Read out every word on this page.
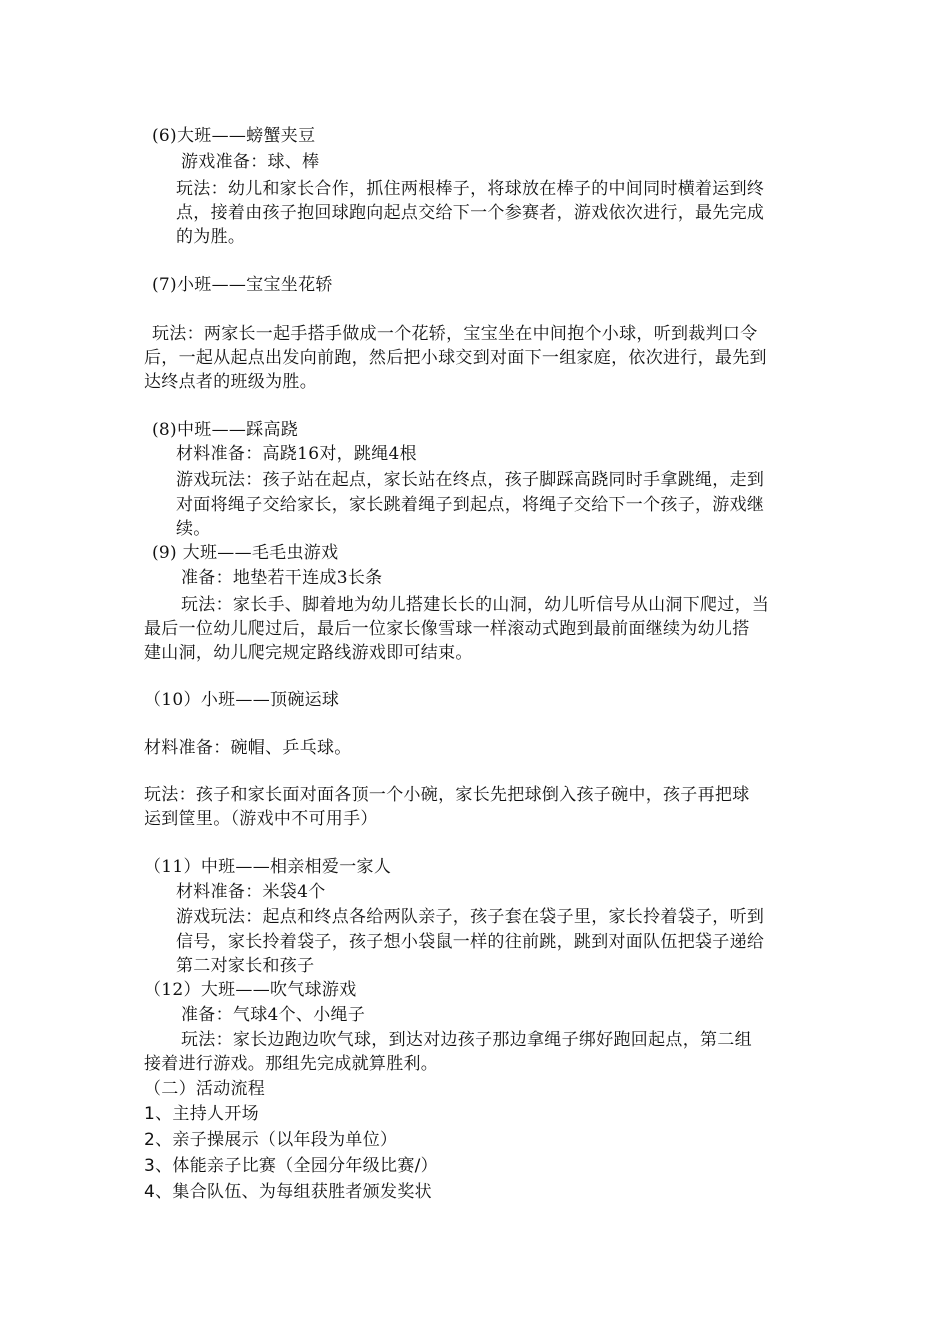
(6)大班——螃蟹夹豆
游戏准备：球、棒
玩法：幼儿和家长合作，抓住两根棒子，将球放在棒子的中间同时横着运到终
点，接着由孩子抱回球跑向起点交给下一个参赛者，游戏依次进行，最先完成
的为胜。
(7)小班——宝宝坐花轿
玩法：两家长一起手搭手做成一个花轿，宝宝坐在中间抱个小球，听到裁判口令
后，一起从起点出发向前跑，然后把小球交到对面下一组家庭，依次进行，最先到
达终点者的班级为胜。
(8)中班——踩高跷
材料准备：高跷16对，跳绳4根
游戏玩法：孩子站在起点，家长站在终点，孩子脚踩高跷同时手拿跳绳，走到
对面将绳子交给家长，家长跳着绳子到起点，将绳子交给下一个孩子，游戏继
续。
(9) 大班——毛毛虫游戏
准备：地垫若干连成3长条
玩法：家长手、脚着地为幼儿搭建长长的山洞，幼儿听信号从山洞下爬过，当
最后一位幼儿爬过后，最后一位家长像雪球一样滚动式跑到最前面继续为幼儿搭
建山洞，幼儿爬完规定路线游戏即可结束。
（10）小班——顶碗运球
材料准备：碗帽、乒乓球。
玩法：孩子和家长面对面各顶一个小碗，家长先把球倒入孩子碗中，孩子再把球
运到筐里。（游戏中不可用手）
（11）中班——相亲相爱一家人
材料准备：米袋4个
游戏玩法：起点和终点各给两队亲子，孩子套在袋子里，家长拎着袋子，听到
信号，家长拎着袋子，孩子想小袋鼠一样的往前跳，跳到对面队伍把袋子递给
第二对家长和孩子
（12）大班——吹气球游戏
准备：气球4个、小绳子
玩法：家长边跑边吹气球，到达对边孩子那边拿绳子绑好跑回起点，第二组
接着进行游戏。那组先完成就算胜利。
（二）活动流程
1、主持人开场
2、亲子操展示（以年段为单位）
3、体能亲子比赛（全园分年级比赛/）
4、集合队伍、为每组获胜者颁发奖状
